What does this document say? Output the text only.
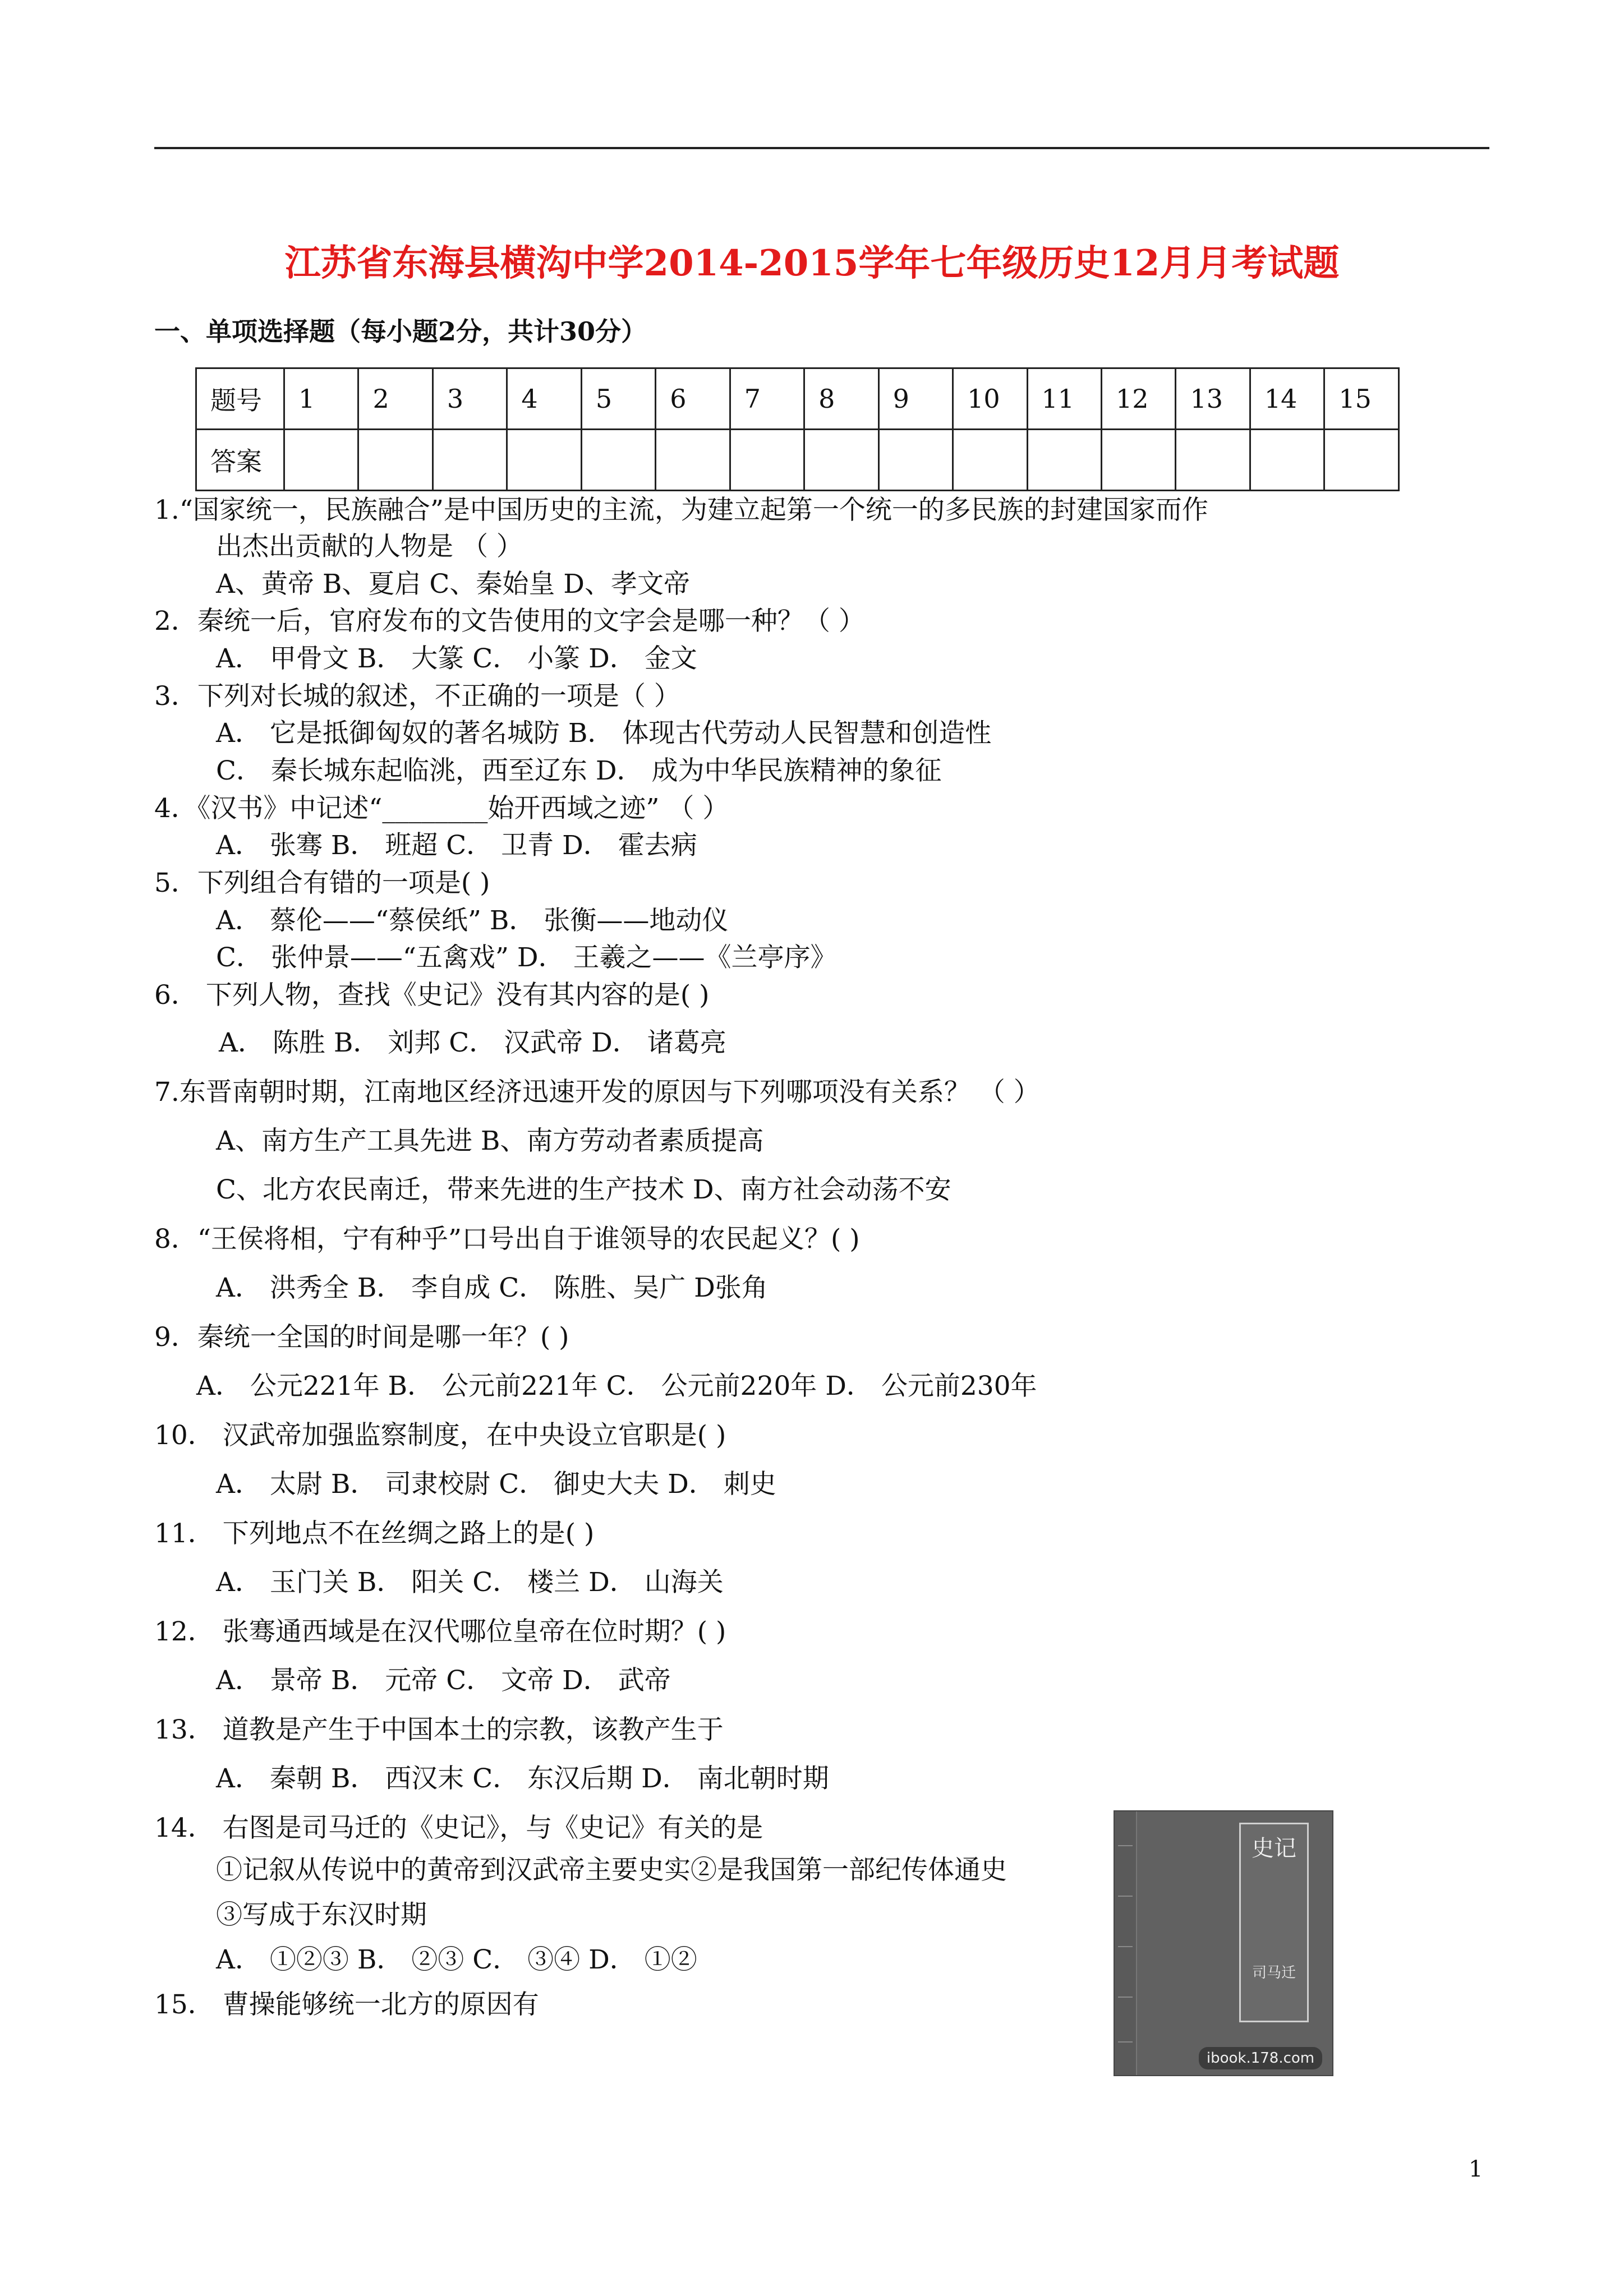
江苏省东海县横沟中学2014-2015学年七年级历史12月月考试题
一、单项选择题（每小题2分，共计30分）
题号	1	2	3	4	5	6	7	8	9	10	11	12	13	14	15
答案															
1.“国家统一，民族融合”是中国历史的主流，为建立起第一个统一的多民族的封建国家而作
出杰出贡献的人物是 （ ）
A、黄帝 B、夏启 C、秦始皇 D、孝文帝
2．秦统一后，官府发布的文告使用的文字会是哪一种？（ ）
A． 甲骨文 B． 大篆 C． 小篆 D． 金文
3．下列对长城的叙述，不正确的一项是（ ）
A． 它是抵御匈奴的著名城防 B． 体现古代劳动人民智慧和创造性
C． 秦长城东起临洮，西至辽东 D． 成为中华民族精神的象征
4．《汉书》中记述“________始开西域之迹” （ ）
A． 张骞 B． 班超 C． 卫青 D． 霍去病
5．下列组合有错的一项是( )
A． 蔡伦——“蔡侯纸” B． 张衡——地动仪
C． 张仲景——“五禽戏” D． 王羲之——《兰亭序》
6． 下列人物，查找《史记》没有其内容的是( )
A． 陈胜 B． 刘邦 C． 汉武帝 D． 诸葛亮
7.东晋南朝时期，江南地区经济迅速开发的原因与下列哪项没有关系？ （ ）
A、南方生产工具先进 B、南方劳动者素质提高
C、北方农民南迁，带来先进的生产技术 D、南方社会动荡不安
8．“王侯将相，宁有种乎”口号出自于谁领导的农民起义？( )
A． 洪秀全 B． 李自成 C． 陈胜、吴广 D张角
9．秦统一全国的时间是哪一年？( )
A． 公元221年 B． 公元前221年 C． 公元前220年 D． 公元前230年
10． 汉武帝加强监察制度，在中央设立官职是( )
A． 太尉 B． 司隶校尉 C． 御史大夫 D． 刺史
11． 下列地点不在丝绸之路上的是( )
A． 玉门关 B． 阳关 C． 楼兰 D． 山海关
12． 张骞通西域是在汉代哪位皇帝在位时期？( )
A． 景帝 B． 元帝 C． 文帝 D． 武帝
13． 道教是产生于中国本土的宗教，该教产生于
A． 秦朝 B． 西汉末 C． 东汉后期 D． 南北朝时期
14． 右图是司马迁的《史记》，与《史记》有关的是
①记叙从传说中的黄帝到汉武帝主要史实②是我国第一部纪传体通史
③写成于东汉时期
A． ①②③ B． ②③ C． ③④ D． ①②
15． 曹操能够统一北方的原因有
史记
司马迁
ibook.178.com
1
